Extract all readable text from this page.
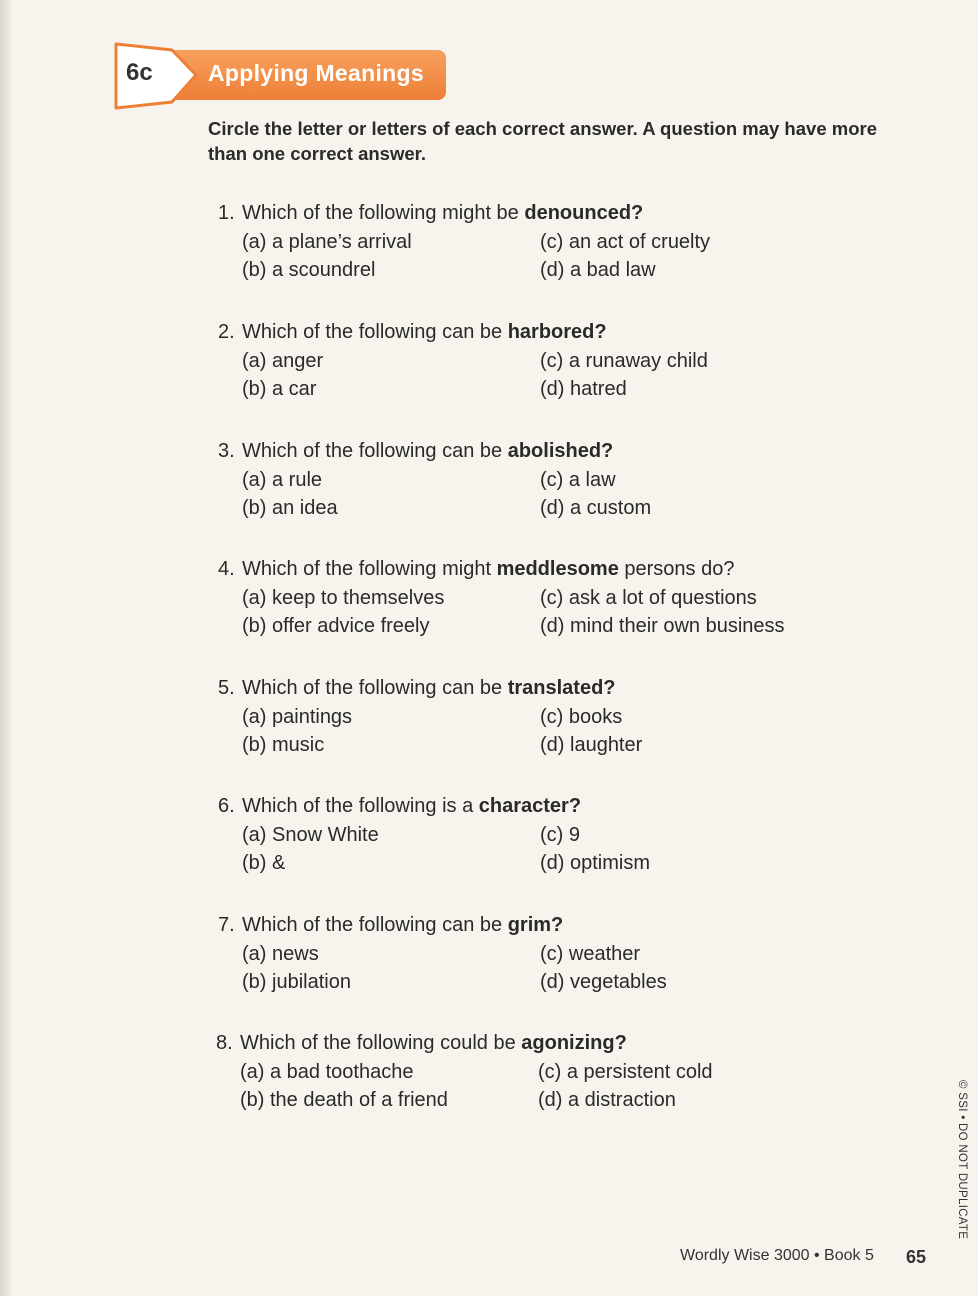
Applying Meanings
6c
Circle the letter or letters of each correct answer. A question may have more than one correct answer.
1. Which of the following might be denounced?
(a) a plane’s arrival
(b) a scoundrel
(c) an act of cruelty
(d) a bad law
2. Which of the following can be harbored?
(a) anger
(b) a car
(c) a runaway child
(d) hatred
3. Which of the following can be abolished?
(a) a rule
(b) an idea
(c) a law
(d) a custom
4. Which of the following might meddlesome persons do?
(a) keep to themselves
(b) offer advice freely
(c) ask a lot of questions
(d) mind their own business
5. Which of the following can be translated?
(a) paintings
(b) music
(c) books
(d) laughter
6. Which of the following is a character?
(a) Snow White
(b) &
(c) 9
(d) optimism
7. Which of the following can be grim?
(a) news
(b) jubilation
(c) weather
(d) vegetables
8. Which of the following could be agonizing?
(a) a bad toothache
(b) the death of a friend
(c) a persistent cold
(d) a distraction	© SSI • DO NOT DUPLICATE
Wordly Wise 3000 • Book 5 65
